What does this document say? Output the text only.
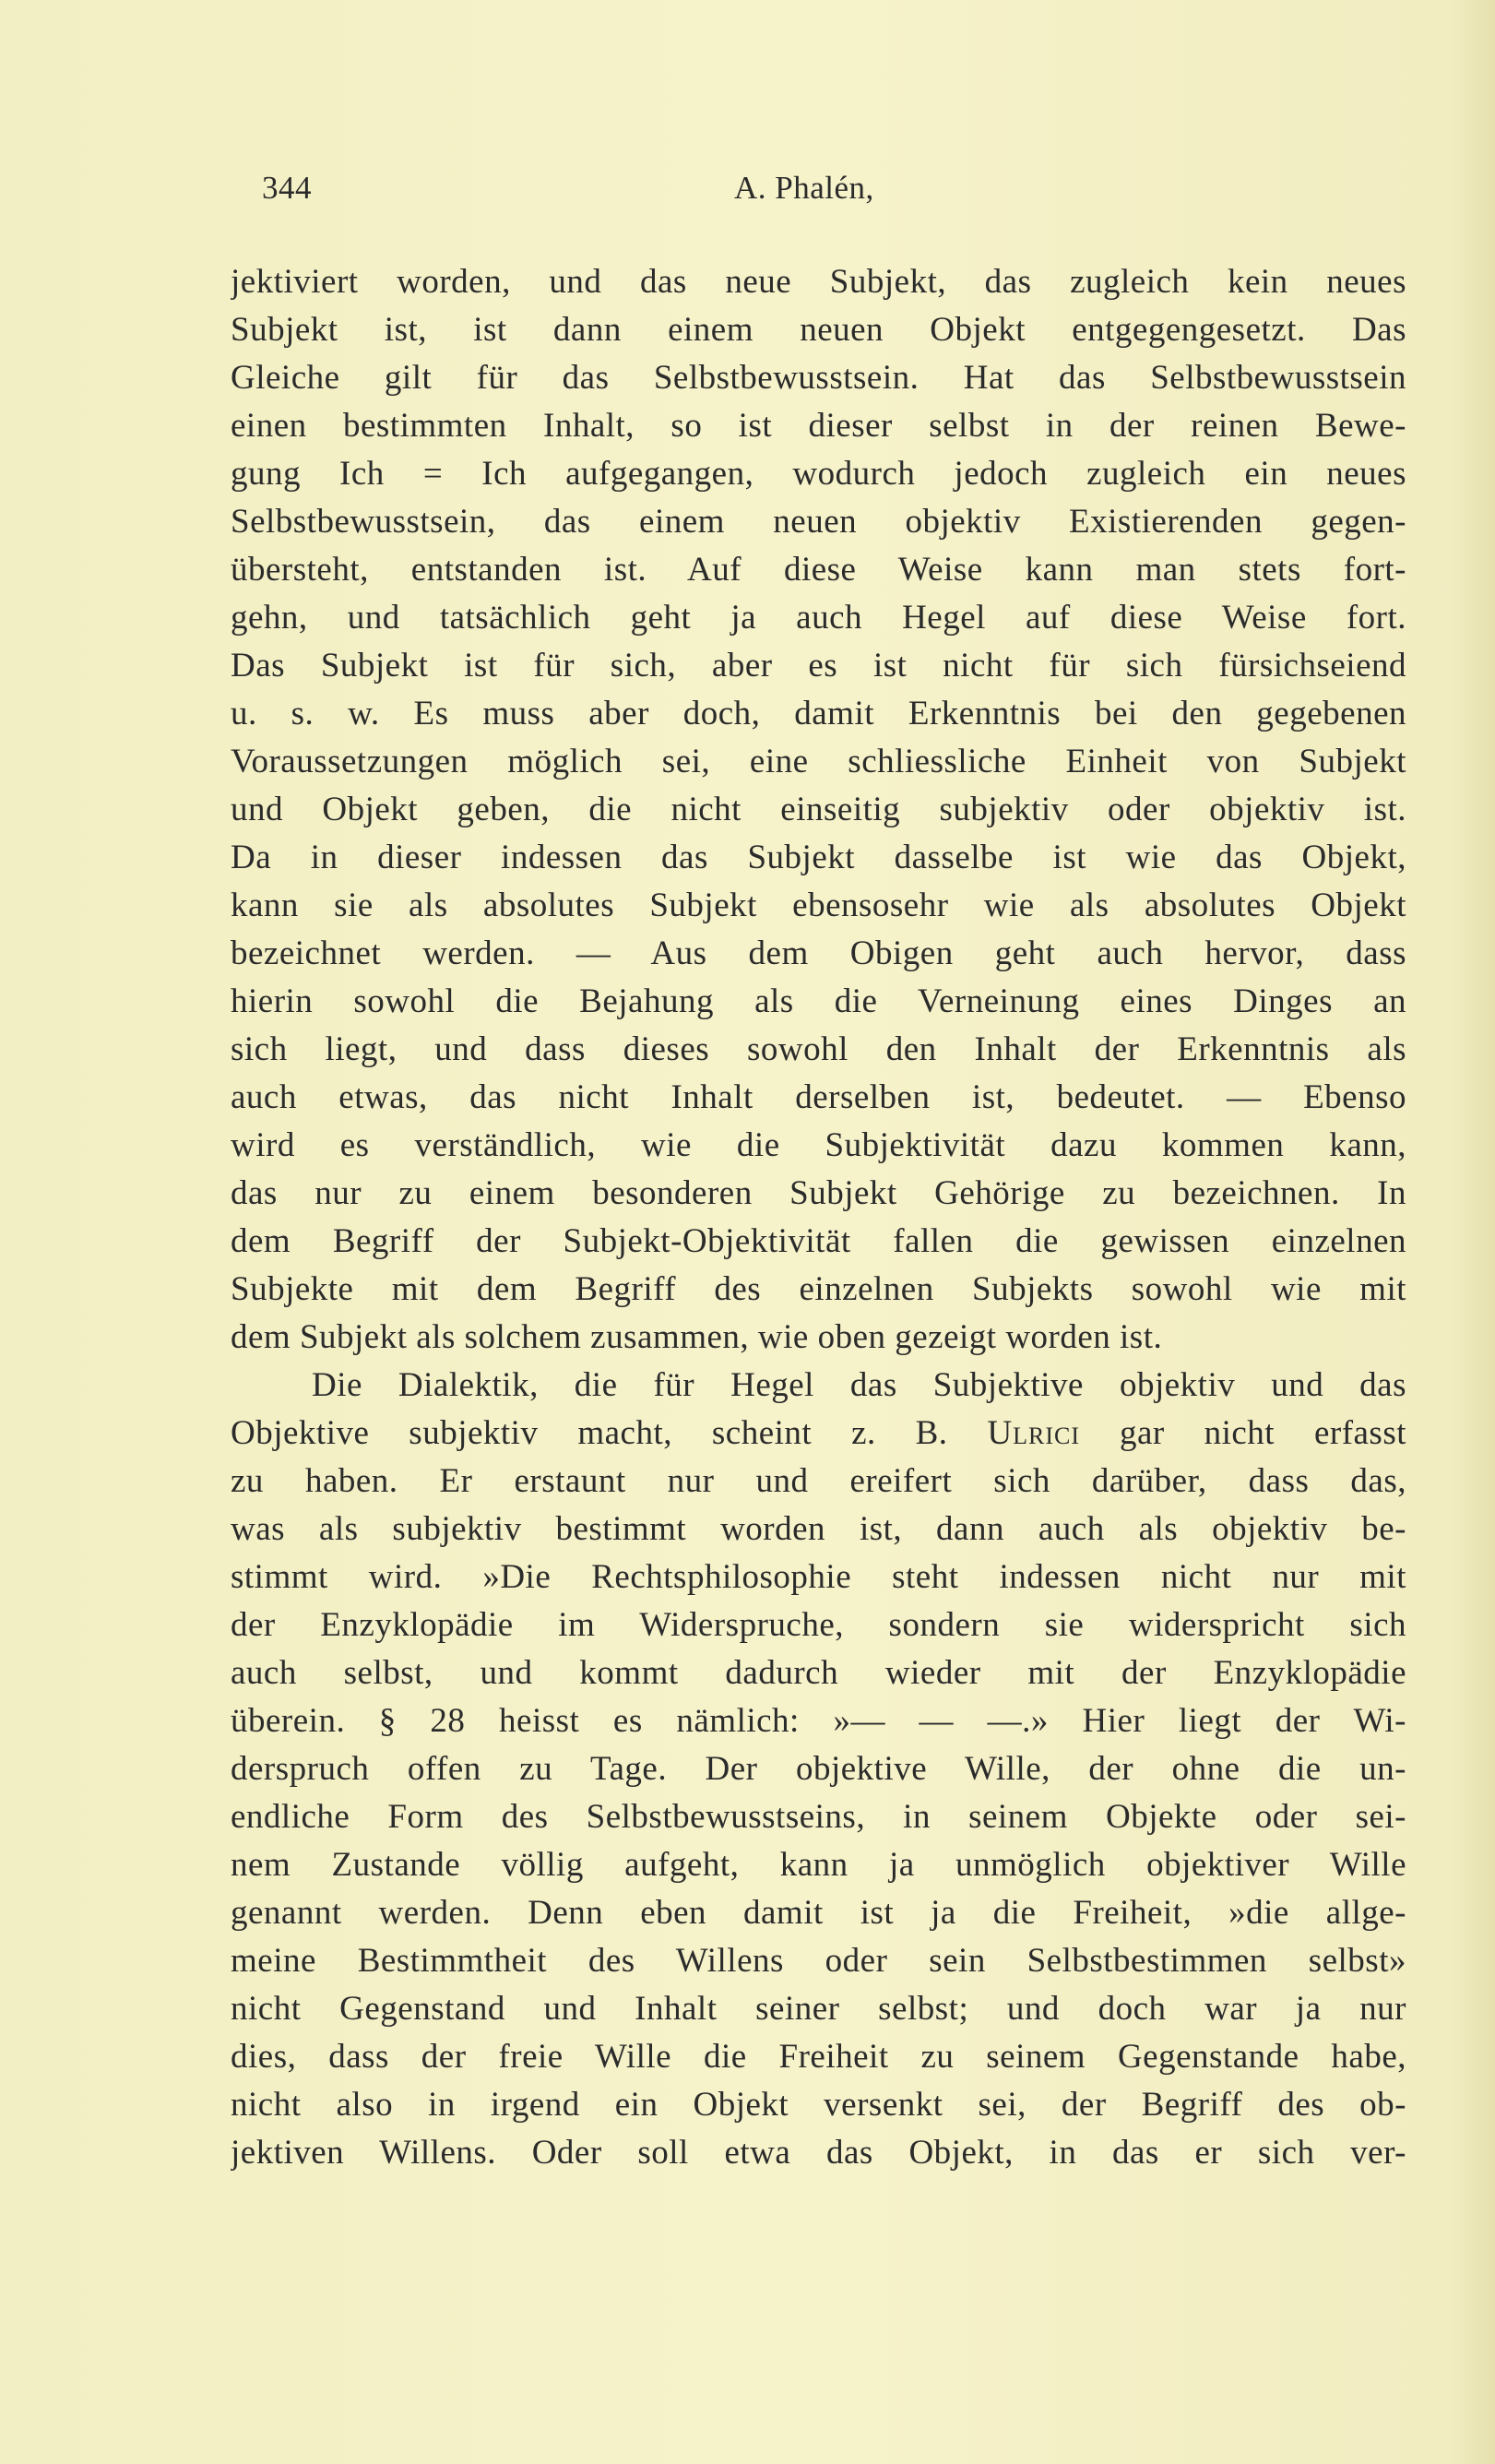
344	A. Phalén,
jektiviert worden, und das neue Subjekt, das zugleich kein neues
Subjekt ist, ist dann einem neuen Objekt entgegengesetzt. Das
Gleiche gilt für das Selbstbewusstsein. Hat das Selbstbewusstsein
einen bestimmten Inhalt, so ist dieser selbst in der reinen Bewe-
gung Ich = Ich aufgegangen, wodurch jedoch zugleich ein neues
Selbstbewusstsein, das einem neuen objektiv Existierenden gegen-
übersteht, entstanden ist. Auf diese Weise kann man stets fort-
gehn, und tatsächlich geht ja auch Hegel auf diese Weise fort.
Das Subjekt ist für sich, aber es ist nicht für sich fürsichseiend
u. s. w. Es muss aber doch, damit Erkenntnis bei den gegebenen
Voraussetzungen möglich sei, eine schliessliche Einheit von Subjekt
und Objekt geben, die nicht einseitig subjektiv oder objektiv ist.
Da in dieser indessen das Subjekt dasselbe ist wie das Objekt,
kann sie als absolutes Subjekt ebensosehr wie als absolutes Objekt
bezeichnet werden. — Aus dem Obigen geht auch hervor, dass
hierin sowohl die Bejahung als die Verneinung eines Dinges an
sich liegt, und dass dieses sowohl den Inhalt der Erkenntnis als
auch etwas, das nicht Inhalt derselben ist, bedeutet. — Ebenso
wird es verständlich, wie die Subjektivität dazu kommen kann,
das nur zu einem besonderen Subjekt Gehörige zu bezeichnen. In
dem Begriff der Subjekt-Objektivität fallen die gewissen einzelnen
Subjekte mit dem Begriff des einzelnen Subjekts sowohl wie mit
dem Subjekt als solchem zusammen, wie oben gezeigt worden ist.
Die Dialektik, die für Hegel das Subjektive objektiv und das
Objektive subjektiv macht, scheint z. B. Ulrici gar nicht erfasst
zu haben. Er erstaunt nur und ereifert sich darüber, dass das,
was als subjektiv bestimmt worden ist, dann auch als objektiv be-
stimmt wird. »Die Rechtsphilosophie steht indessen nicht nur mit
der Enzyklopädie im Widerspruche, sondern sie widerspricht sich
auch selbst, und kommt dadurch wieder mit der Enzyklopädie
überein. § 28 heisst es nämlich: »— — —.» Hier liegt der Wi-
derspruch offen zu Tage. Der objektive Wille, der ohne die un-
endliche Form des Selbstbewusstseins, in seinem Objekte oder sei-
nem Zustande völlig aufgeht, kann ja unmöglich objektiver Wille
genannt werden. Denn eben damit ist ja die Freiheit, »die allge-
meine Bestimmtheit des Willens oder sein Selbstbestimmen selbst»
nicht Gegenstand und Inhalt seiner selbst; und doch war ja nur
dies, dass der freie Wille die Freiheit zu seinem Gegenstande habe,
nicht also in irgend ein Objekt versenkt sei, der Begriff des ob-
jektiven Willens. Oder soll etwa das Objekt, in das er sich ver-
